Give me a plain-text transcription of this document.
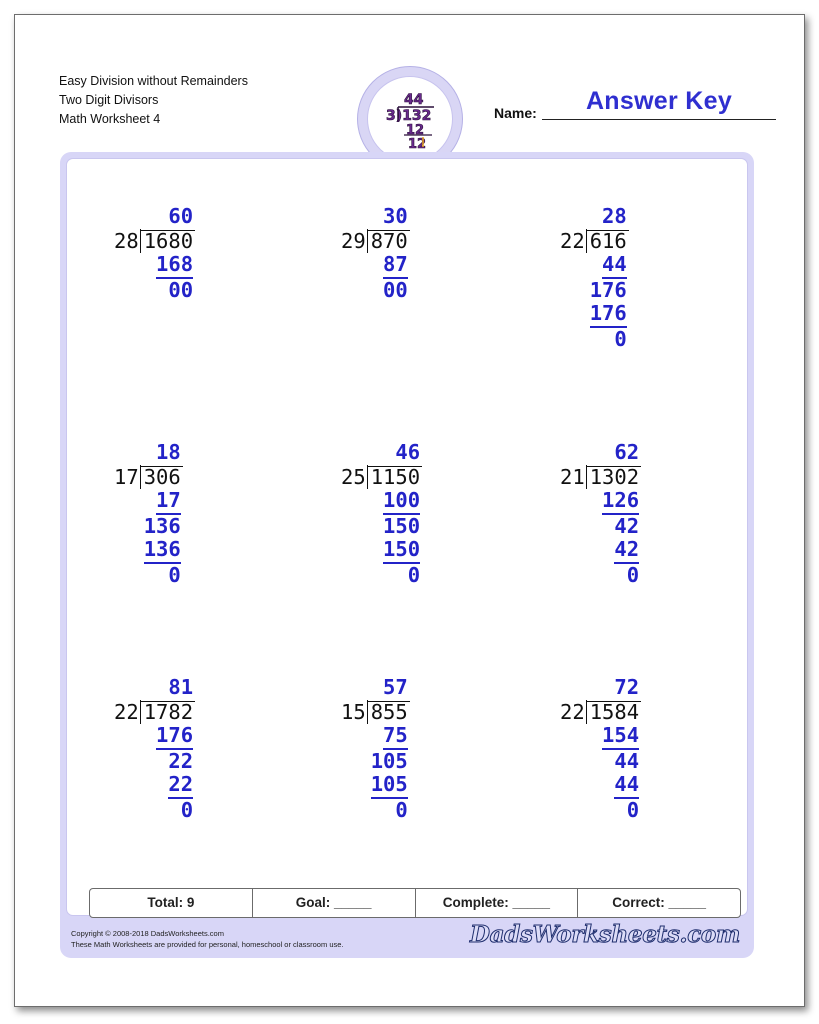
Easy Division without Remainders
Two Digit Divisors
Math Worksheet 4
44
3)132
12
12
Name:	Answer Key
60
28 1680
168
00
30
29 870
87
00
28
22 616
44
176
176
0
18
17 306
17
136
136
0
46
25 1150
100
150
150
0
62
21 1302
126
42
42
0
81
22 1782
176
22
22
0
57
15 855
75
105
105
0
72
22 1584
154
44
44
0
Total: 9	Goal: _____	Complete: _____	Correct: _____
Copyright © 2008-2018 DadsWorksheets.com
These Math Worksheets are provided for personal, homeschool or classroom use.	DadsWorksheets.com
